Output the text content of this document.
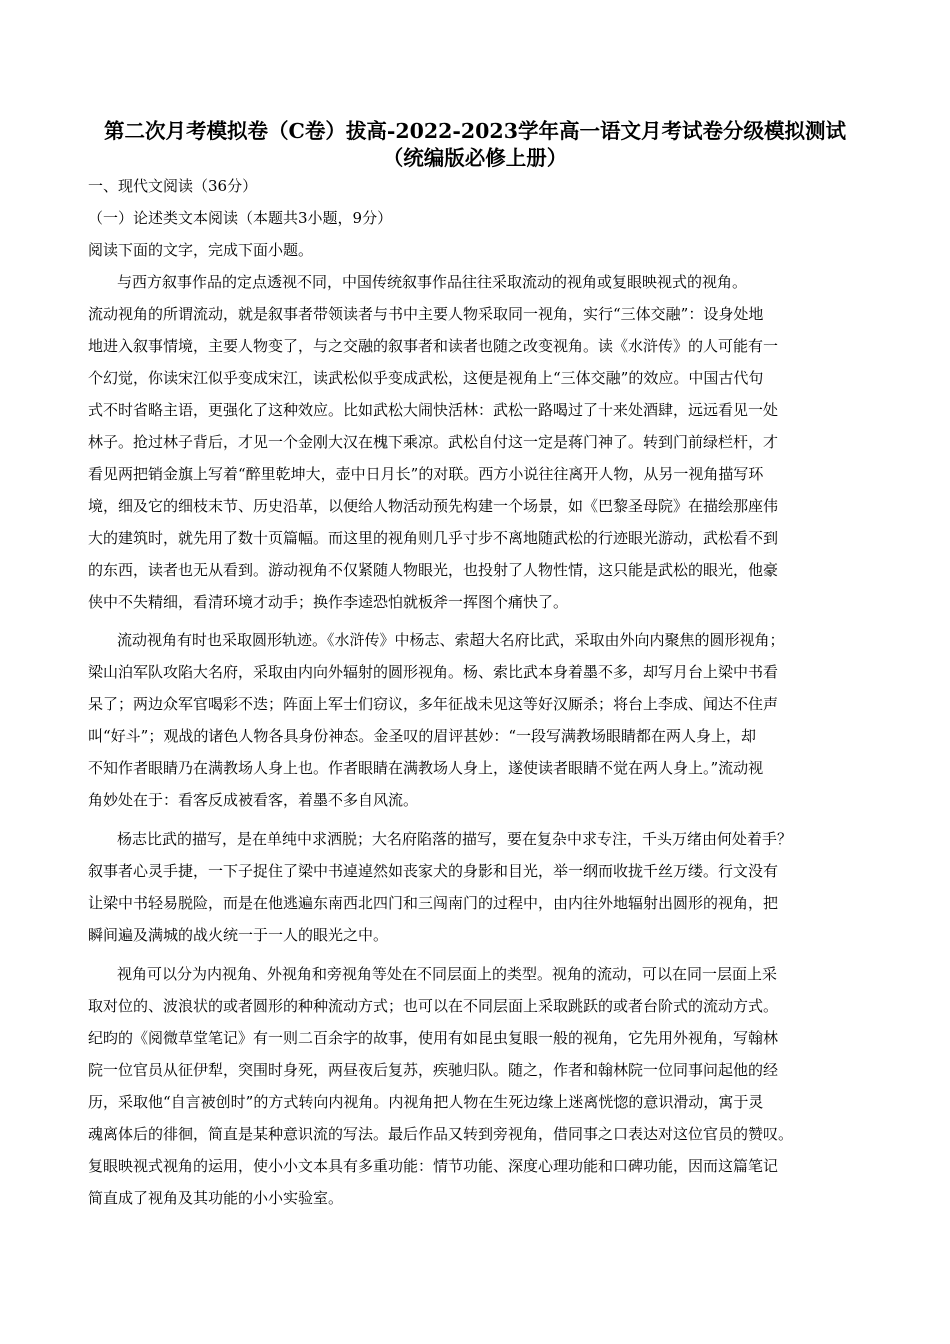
第二次月考模拟卷（C卷）拔高-2022-2023学年高一语文月考试卷分级模拟测试
（统编版必修上册）
一、现代文阅读（36分）
（一）论述类文本阅读（本题共3小题，9分）
阅读下面的文字，完成下面小题。
与西方叙事作品的定点透视不同，中国传统叙事作品往往采取流动的视角或复眼映视式的视角。
流动视角的所谓流动，就是叙事者带领读者与书中主要人物采取同一视角，实行“三体交融”：设身处地
地进入叙事情境，主要人物变了，与之交融的叙事者和读者也随之改变视角。读《水浒传》的人可能有一
个幻觉，你读宋江似乎变成宋江，读武松似乎变成武松，这便是视角上“三体交融”的效应。中国古代句
式不时省略主语，更强化了这种效应。比如武松大闹快活林：武松一路喝过了十来处酒肆，远远看见一处
林子。抢过林子背后，才见一个金刚大汉在槐下乘凉。武松自付这一定是蒋门神了。转到门前绿栏杆，才
看见两把销金旗上写着“醉里乾坤大，壶中日月长”的对联。西方小说往往离开人物，从另一视角描写环
境，细及它的细枝末节、历史沿革，以便给人物活动预先构建一个场景，如《巴黎圣母院》在描绘那座伟
大的建筑时，就先用了数十页篇幅。而这里的视角则几乎寸步不离地随武松的行迹眼光游动，武松看不到
的东西，读者也无从看到。游动视角不仅紧随人物眼光，也投射了人物性情，这只能是武松的眼光，他豪
侠中不失精细，看清环境才动手；换作李逵恐怕就板斧一挥图个痛快了。
流动视角有时也采取圆形轨迹。《水浒传》中杨志、索超大名府比武，采取由外向内聚焦的圆形视角；
梁山泊军队攻陷大名府，采取由内向外辐射的圆形视角。杨、索比武本身着墨不多，却写月台上梁中书看
呆了；两边众军官喝彩不迭；阵面上军士们窃议，多年征战未见这等好汉厮杀；将台上李成、闻达不住声
叫“好斗”；观战的诸色人物各具身份神态。金圣叹的眉评甚妙：“一段写满教场眼睛都在两人身上，却
不知作者眼睛乃在满教场人身上也。作者眼睛在满教场人身上，遂使读者眼睛不觉在两人身上。”流动视
角妙处在于：看客反成被看客，着墨不多自风流。
杨志比武的描写，是在单纯中求洒脱；大名府陷落的描写，要在复杂中求专注，千头万绪由何处着手？
叙事者心灵手捷，一下子捉住了梁中书逴逴然如丧家犬的身影和目光，举一纲而收拢千丝万缕。行文没有
让梁中书轻易脱险，而是在他逃遍东南西北四门和三闯南门的过程中，由内往外地辐射出圆形的视角，把
瞬间遍及满城的战火统一于一人的眼光之中。
视角可以分为内视角、外视角和旁视角等处在不同层面上的类型。视角的流动，可以在同一层面上采
取对位的、波浪状的或者圆形的种种流动方式；也可以在不同层面上采取跳跃的或者台阶式的流动方式。
纪昀的《阅微草堂笔记》有一则二百余字的故事，使用有如昆虫复眼一般的视角，它先用外视角，写翰林
院一位官员从征伊犁，突围时身死，两昼夜后复苏，疾驰归队。随之，作者和翰林院一位同事问起他的经
历，采取他“自言被创时”的方式转向内视角。内视角把人物在生死边缘上迷离恍惚的意识滑动，寓于灵
魂离体后的徘徊，简直是某种意识流的写法。最后作品又转到旁视角，借同事之口表达对这位官员的赞叹。
复眼映视式视角的运用，使小小文本具有多重功能：情节功能、深度心理功能和口碑功能，因而这篇笔记
简直成了视角及其功能的小小实验室。
